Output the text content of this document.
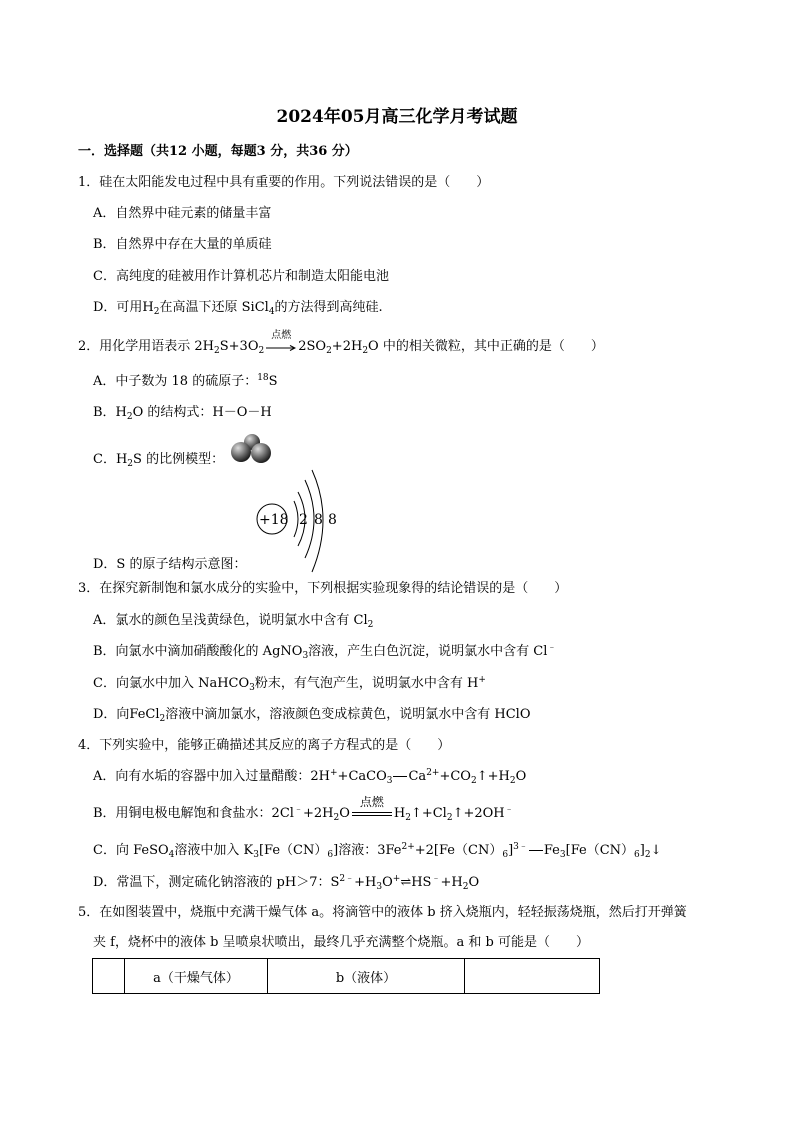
2024年05月高三化学月考试题
一．选择题（共12 小题，每题3 分，共36 分）
1．硅在太阳能发电过程中具有重要的作用。下列说法错误的是（　　）
A．自然界中硅元素的储量丰富
B．自然界中存在大量的单质硅
C．高纯度的硅被用作计算机芯片和制造太阳能电池
D．可用$H_2$在高温下还原 SiCl$_4$的方法得到高纯硅.
2．用化学用语表示 $2H_2S+3O_2$
点燃
$2SO_2+2H_2O$ 中的相关微粒，其中正确的是（　　）
A．中子数为 18 的硫原子：$^{18}$S
B．$H_2O$ 的结构式：H－O－H
C．$H_2S$ 的比例模型：
D．S 的原子结构示意图：
+18 2 8 8
3．在探究新制饱和氯水成分的实验中，下列根据实验现象得的结论错误的是（　　）
A．氯水的颜色呈浅黄绿色，说明氯水中含有 $Cl_2$
B．向氯水中滴加硝酸酸化的 AgNO$_3$溶液，产生白色沉淀，说明氯水中含有 Cl﹣
C．向氯水中加入 NaHCO$_3$粉末，有气泡产生，说明氯水中含有 H+
D．向FeCl$_2$溶液中滴加氯水，溶液颜色变成棕黄色，说明氯水中含有 HClO
4．下列实验中，能够正确描述其反应的离子方程式的是（　　）
A．向有水垢的容器中加入过量醋酸：2H++CaCO$_3$ $Ca^{2+}+CO_2↑+H_2O$
B．用铜电极电解饱和食盐水：$2Cl^﹣+2H_2O$
点燃
$H_2↑+Cl_2↑+2OH^﹣$
C．向 FeSO$_4$溶液中加入 $K_3[Fe(CN)_6]$溶液：$3Fe^{2+}+2[Fe(CN)_6]^{3﹣}$ $Fe_3[Fe(CN)_6]_2↓$
D．常温下，测定硫化钠溶液的 pH＞7：$S^{2﹣}+H_3O^+\rightleftharpoons HS^﹣+H_2O$
5．在如图装置中，烧瓶中充满干燥气体 a。将滴管中的液体 b 挤入烧瓶内，轻轻振荡烧瓶，然后打开弹簧
夹 f，烧杯中的液体 b 呈喷泉状喷出，最终几乎充满整个烧瓶。a 和 b 可能是（　　）
	a（干燥气体）	b（液体）	
